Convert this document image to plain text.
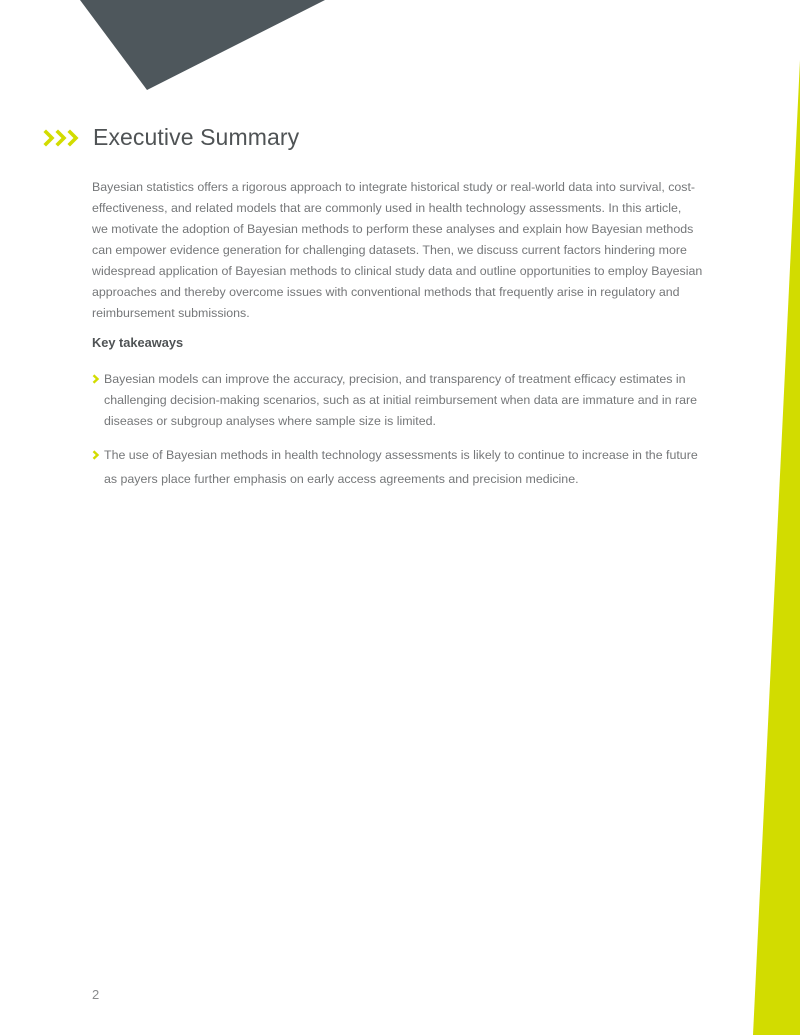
Executive Summary

Bayesian statistics offers a rigorous approach to integrate historical study or real-world data into survival, cost-
effectiveness, and related models that are commonly used in health technology assessments. In this article,
we motivate the adoption of Bayesian methods to perform these analyses and explain how Bayesian methods
can empower evidence generation for challenging datasets. Then, we discuss current factors hindering more
widespread application of Bayesian methods to clinical study data and outline opportunities to employ Bayesian
approaches and thereby overcome issues with conventional methods that frequently arise in regulatory and
reimbursement submissions.

Key takeaways

Bayesian models can improve the accuracy, precision, and transparency of treatment efficacy estimates in
challenging decision-making scenarios, such as at initial reimbursement when data are immature and in rare
diseases or subgroup analyses where sample size is limited.

The use of Bayesian methods in health technology assessments is likely to continue to increase in the future
as payers place further emphasis on early access agreements and precision medicine.

2
